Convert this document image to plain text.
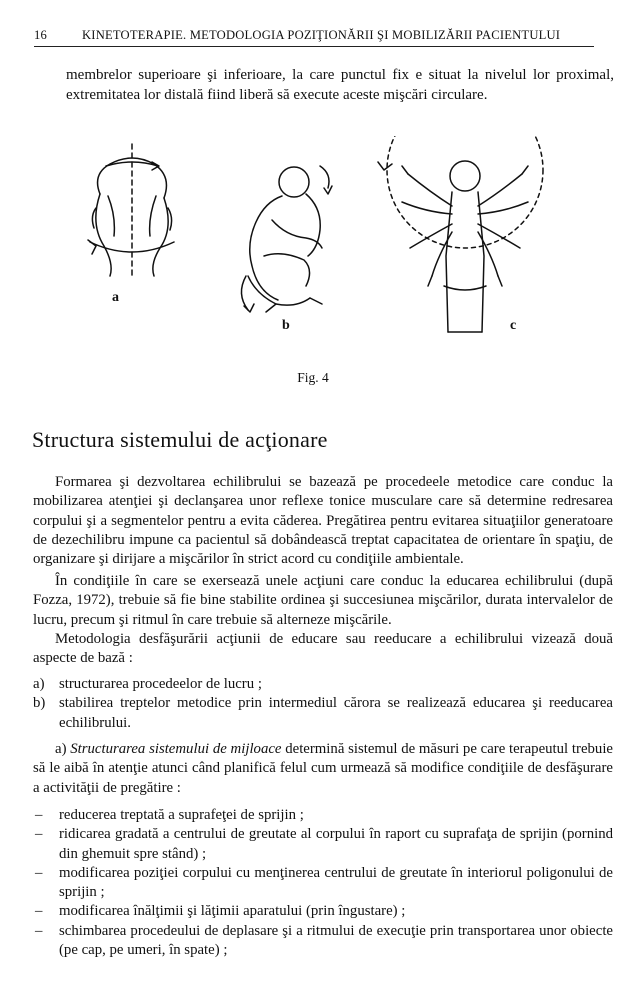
16	KINETOTERAPIE. METODOLOGIA POZIŢIONĂRII ŞI MOBILIZĂRII PACIENTULUI
membrelor superioare şi inferioare, la care punctul fix e situat la nivelul lor proximal, extremitatea lor distală fiind liberă să execute aceste mişcări circulare.
a
b	c
Fig. 4
Structura sistemului de acţionare
Formarea şi dezvoltarea echilibrului se bazează pe procedeele metodice care conduc la mobilizarea atenţiei şi declanşarea unor reflexe tonice musculare care să determine redresarea corpului şi a segmentelor pentru a evita căderea. Pregătirea pentru evitarea situaţiilor generatoare de dezechilibru impune ca pacientul să dobândească treptat capacitatea de orientare în spaţiu, de organizare şi dirijare a mişcărilor în strict acord cu condiţiile ambientale.
În condiţiile în care se exersează unele acţiuni care conduc la educarea echilibrului (după Fozza, 1972), trebuie să fie bine stabilite ordinea şi succesiunea mişcărilor, durata intervalelor de lucru, precum şi ritmul în care trebuie să alterneze mişcările.
Metodologia desfăşurării acţiunii de educare sau reeducare a echilibrului vizează două aspecte de bază :
a) structurarea procedeelor de lucru ;
b) stabilirea treptelor metodice prin intermediul cărora se realizează educarea şi reeducarea echilibrului.
a) Structurarea sistemului de mijloace determină sistemul de măsuri pe care terapeutul trebuie să le aibă în atenţie atunci când planifică felul cum urmează să modifice condiţiile de desfăşurare a activităţii de pregătire :
– reducerea treptată a suprafeţei de sprijin ;
– ridicarea gradată a centrului de greutate al corpului în raport cu suprafaţa de sprijin (pornind din ghemuit spre stând) ;
– modificarea poziţiei corpului cu menţinerea centrului de greutate în interiorul poligonului de sprijin ;
– modificarea înălţimii şi lăţimii aparatului (prin îngustare) ;
– schimbarea procedeului de deplasare şi a ritmului de execuţie prin transportarea unor obiecte (pe cap, pe umeri, în spate) ;
